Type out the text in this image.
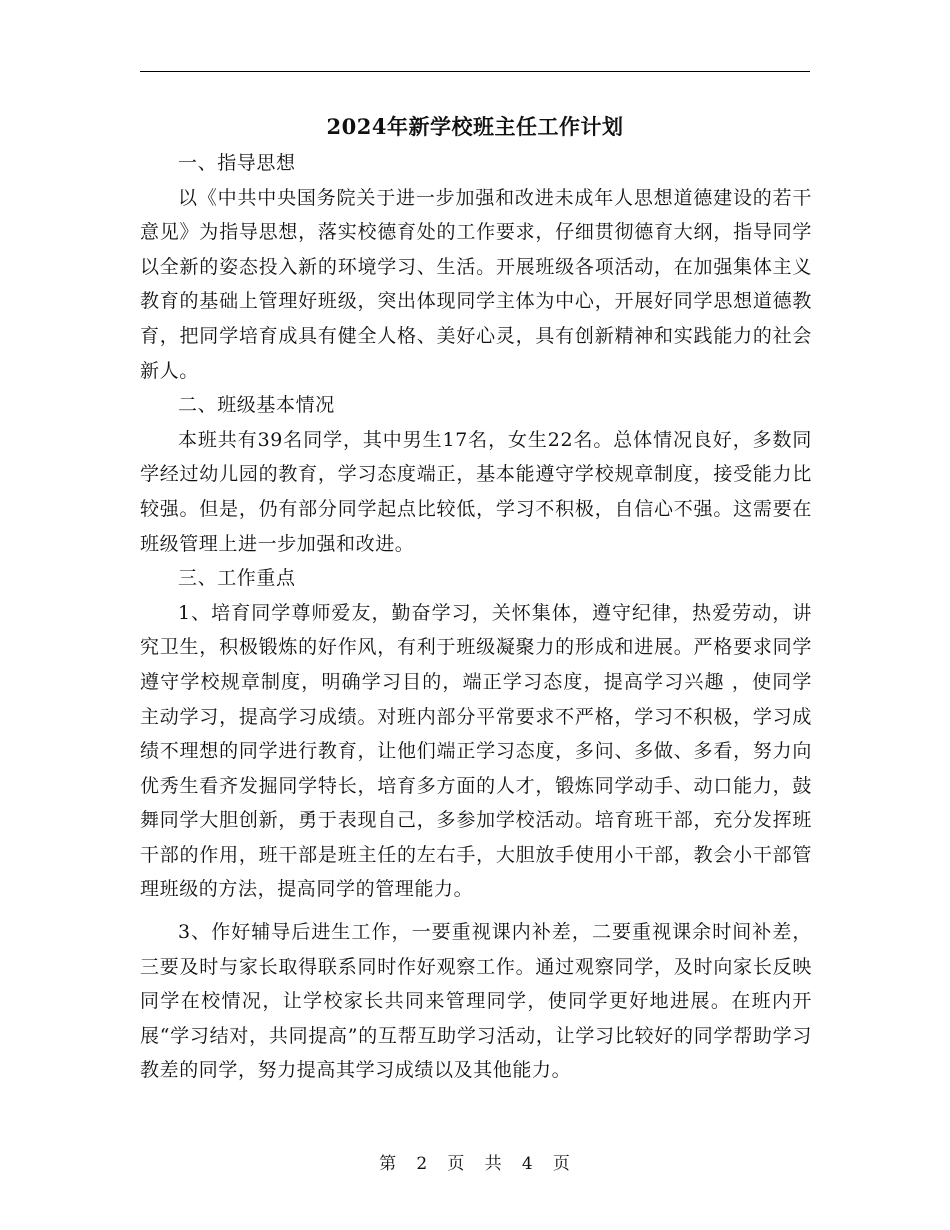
2024年新学校班主任工作计划

一、指导思想

以《中共中央国务院关于进一步加强和改进未成年人思想道德建设的若干意见》为指导思想，落实校德育处的工作要求，仔细贯彻德育大纲，指导同学以全新的姿态投入新的环境学习、生活。开展班级各项活动，在加强集体主义教育的基础上管理好班级，突出体现同学主体为中心，开展好同学思想道德教育，把同学培育成具有健全人格、美好心灵，具有创新精神和实践能力的社会新人。

二、班级基本情况

本班共有39名同学，其中男生17名，女生22名。总体情况良好，多数同学经过幼儿园的教育，学习态度端正，基本能遵守学校规章制度，接受能力比较强。但是，仍有部分同学起点比较低，学习不积极，自信心不强。这需要在班级管理上进一步加强和改进。

三、工作重点

1、培育同学尊师爱友，勤奋学习，关怀集体，遵守纪律，热爱劳动，讲究卫生，积极锻炼的好作风，有利于班级凝聚力的形成和进展。严格要求同学遵守学校规章制度，明确学习目的，端正学习态度，提高学习兴趣 ，使同学主动学习，提高学习成绩。对班内部分平常要求不严格，学习不积极，学习成绩不理想的同学进行教育，让他们端正学习态度，多问、多做、多看，努力向优秀生看齐发掘同学特长，培育多方面的人才，锻炼同学动手、动口能力，鼓舞同学大胆创新，勇于表现自己，多参加学校活动。培育班干部，充分发挥班干部的作用，班干部是班主任的左右手，大胆放手使用小干部，教会小干部管理班级的方法，提高同学的管理能力。

3、作好辅导后进生工作，一要重视课内补差，二要重视课余时间补差，三要及时与家长取得联系同时作好观察工作。通过观察同学，及时向家长反映同学在校情况，让学校家长共同来管理同学，使同学更好地进展。在班内开展“学习结对，共同提高”的互帮互助学习活动，让学习比较好的同学帮助学习教差的同学，努力提高其学习成绩以及其他能力。

第 2 页 共 4 页
